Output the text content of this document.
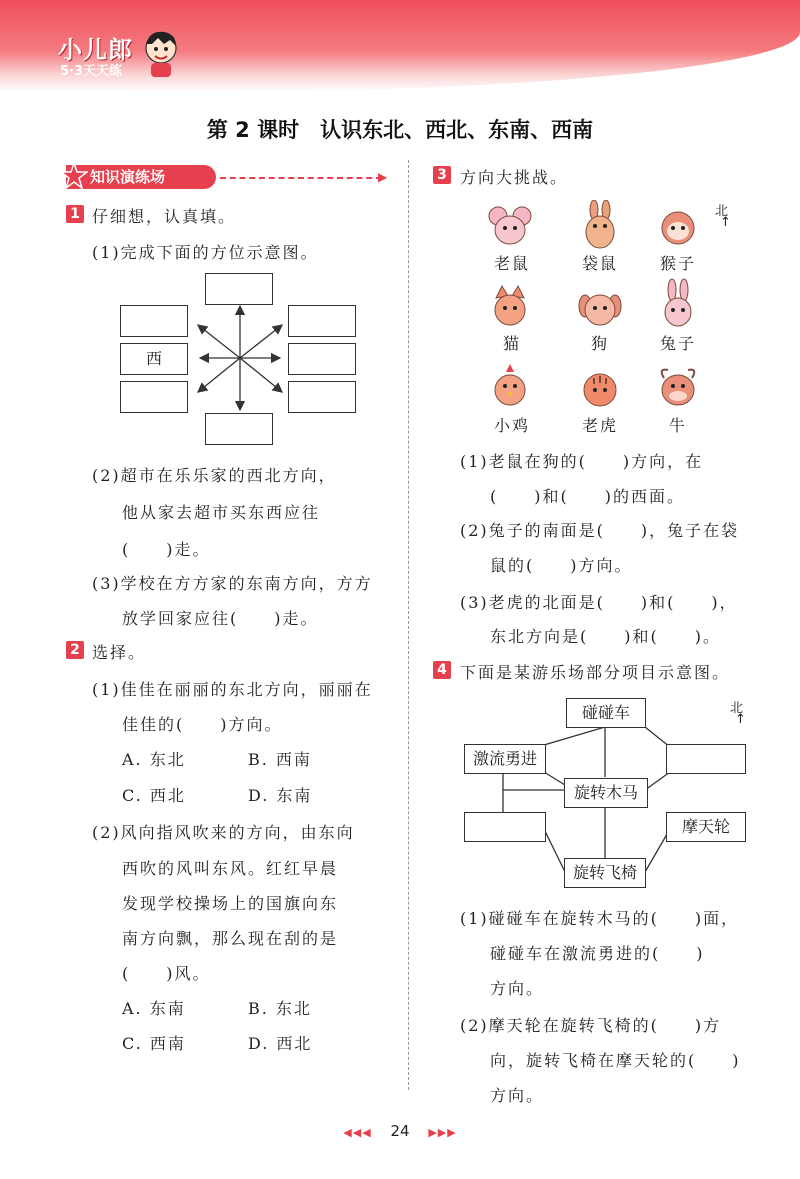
小儿郎
5·3天天练
第 2 课时　认识东北、西北、东南、西南
知识演练场	▶
1 仔细想，认真填。
(1)完成下面的方位示意图。
西
(2)超市在乐乐家的西北方向，
他从家去超市买东西应往
(　　)走。
(3)学校在方方家的东南方向，方方
放学回家应往(　　)走。
2 选择。
(1)佳佳在丽丽的东北方向，丽丽在
佳佳的(　　)方向。
A. 东北	B. 西南
C. 西北	D. 东南
(2)风向指风吹来的方向，由东向
西吹的风叫东风。红红早晨
发现学校操场上的国旗向东
南方向飘，那么现在刮的是
(　　)风。
A. 东南	B. 东北
C. 西南	D. 西北
3 方向大挑战。
北
↑
老鼠	袋鼠	猴子
猫	狗	兔子
小鸡	老虎	牛
(1)老鼠在狗的(　　)方向，在
(　　)和(　　)的西面。
(2)兔子的南面是(　　)，兔子在袋
鼠的(　　)方向。
(3)老虎的北面是(　　)和(　　)，
东北方向是(　　)和(　　)。
4 下面是某游乐场部分项目示意图。
北
↑
碰碰车
激流勇进
旋转木马
摩天轮
旋转飞椅
(1)碰碰车在旋转木马的(　　)面，
碰碰车在激流勇进的(　　)
方向。
(2)摩天轮在旋转飞椅的(　　)方
向，旋转飞椅在摩天轮的(　　)
方向。
◀◀◀ 24 ▶▶▶
